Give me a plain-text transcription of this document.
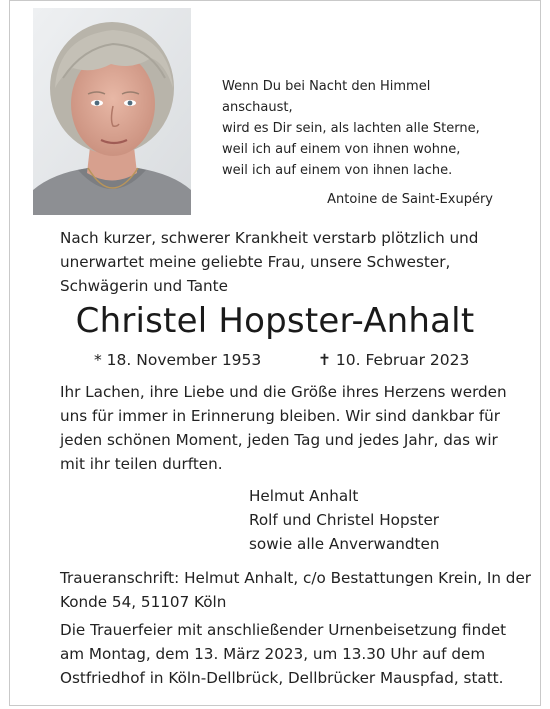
Wenn Du bei Nacht den Himmel anschaust,
wird es Dir sein, als lachten alle Sterne,
weil ich auf einem von ihnen wohne,
weil ich auf einem von ihnen lache.
Antoine de Saint-Exupéry
Nach kurzer, schwerer Krankheit verstarb plötzlich und
unerwartet meine geliebte Frau, unsere Schwester,
Schwägerin und Tante
Christel Hopster-Anhalt
* 18. November 1953	✝ 10. Februar 2023
Ihr Lachen, ihre Liebe und die Größe ihres Herzens werden
uns für immer in Erinnerung bleiben. Wir sind dankbar für
jeden schönen Moment, jeden Tag und jedes Jahr, das wir
mit ihr teilen durften.
Helmut Anhalt
Rolf und Christel Hopster
sowie alle Anverwandten
Traueranschrift: Helmut Anhalt, c/o Bestattungen Krein, In der
Konde 54, 51107 Köln
Die Trauerfeier mit anschließender Urnenbeisetzung findet
am Montag, dem 13. März 2023, um 13.30 Uhr auf dem
Ostfriedhof in Köln-Dellbrück, Dellbrücker Mauspfad, statt.
